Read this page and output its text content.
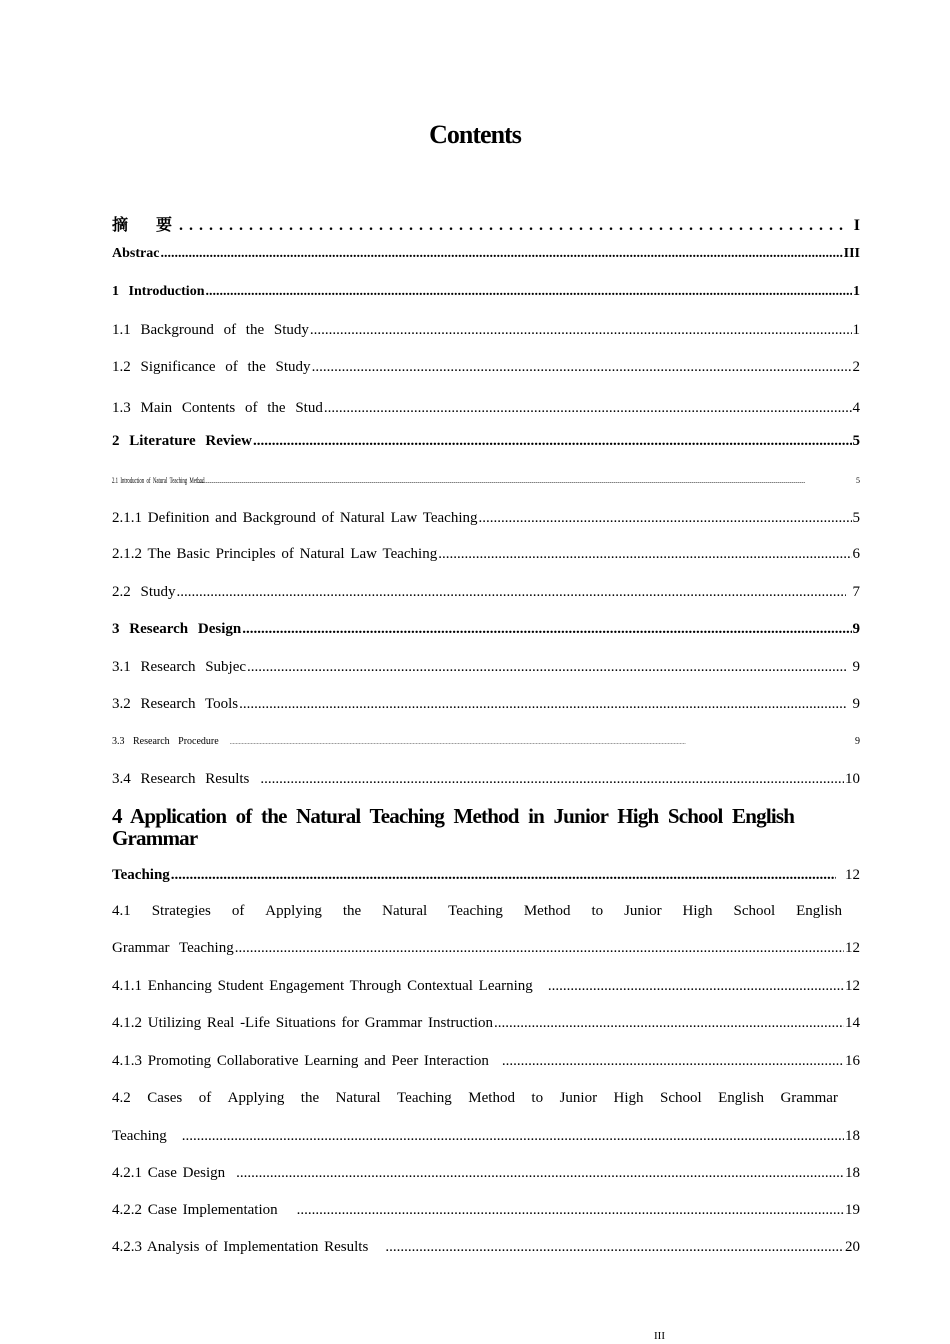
Contents
摘　要 . . .	I
Abstrac .....	III
1 Introduction .....	1
1.1 Background of the Study .....	1
1.2 Significance of the Study .....	2
1.3 Main Contents of the Stud .....	4
2 Literature Review .....	5
2.1 Introduction of Natural Teaching Method .....	5
2.1.1 Definition and Background of Natural Law Teaching .....	5
2.1.2 The Basic Principles of Natural Law Teaching .....	6
2.2 Study .....	7
3 Research Design .....	9
3.1 Research Subjec .....	9
3.2 Research Tools .....	9
3.3 Research Procedure .....	9
3.4 Research Results .....	10
4 Application of the Natural Teaching Method in Junior High School English Grammar
Teaching .....	12
4.1 Strategies of Applying the Natural Teaching Method to Junior High School English
Grammar Teaching .....	12
4.1.1 Enhancing Student Engagement Through Contextual Learning .....	12
4.1.2 Utilizing Real -Life Situations for Grammar Instruction .....	14
4.1.3 Promoting Collaborative Learning and Peer Interaction .....	16
4.2 Cases of Applying the Natural Teaching Method to Junior High School English Grammar
Teaching .....	18
4.2.1 Case Design .....	18
4.2.2 Case Implementation .....	19
4.2.3 Analysis of Implementation Results .....	20
III
